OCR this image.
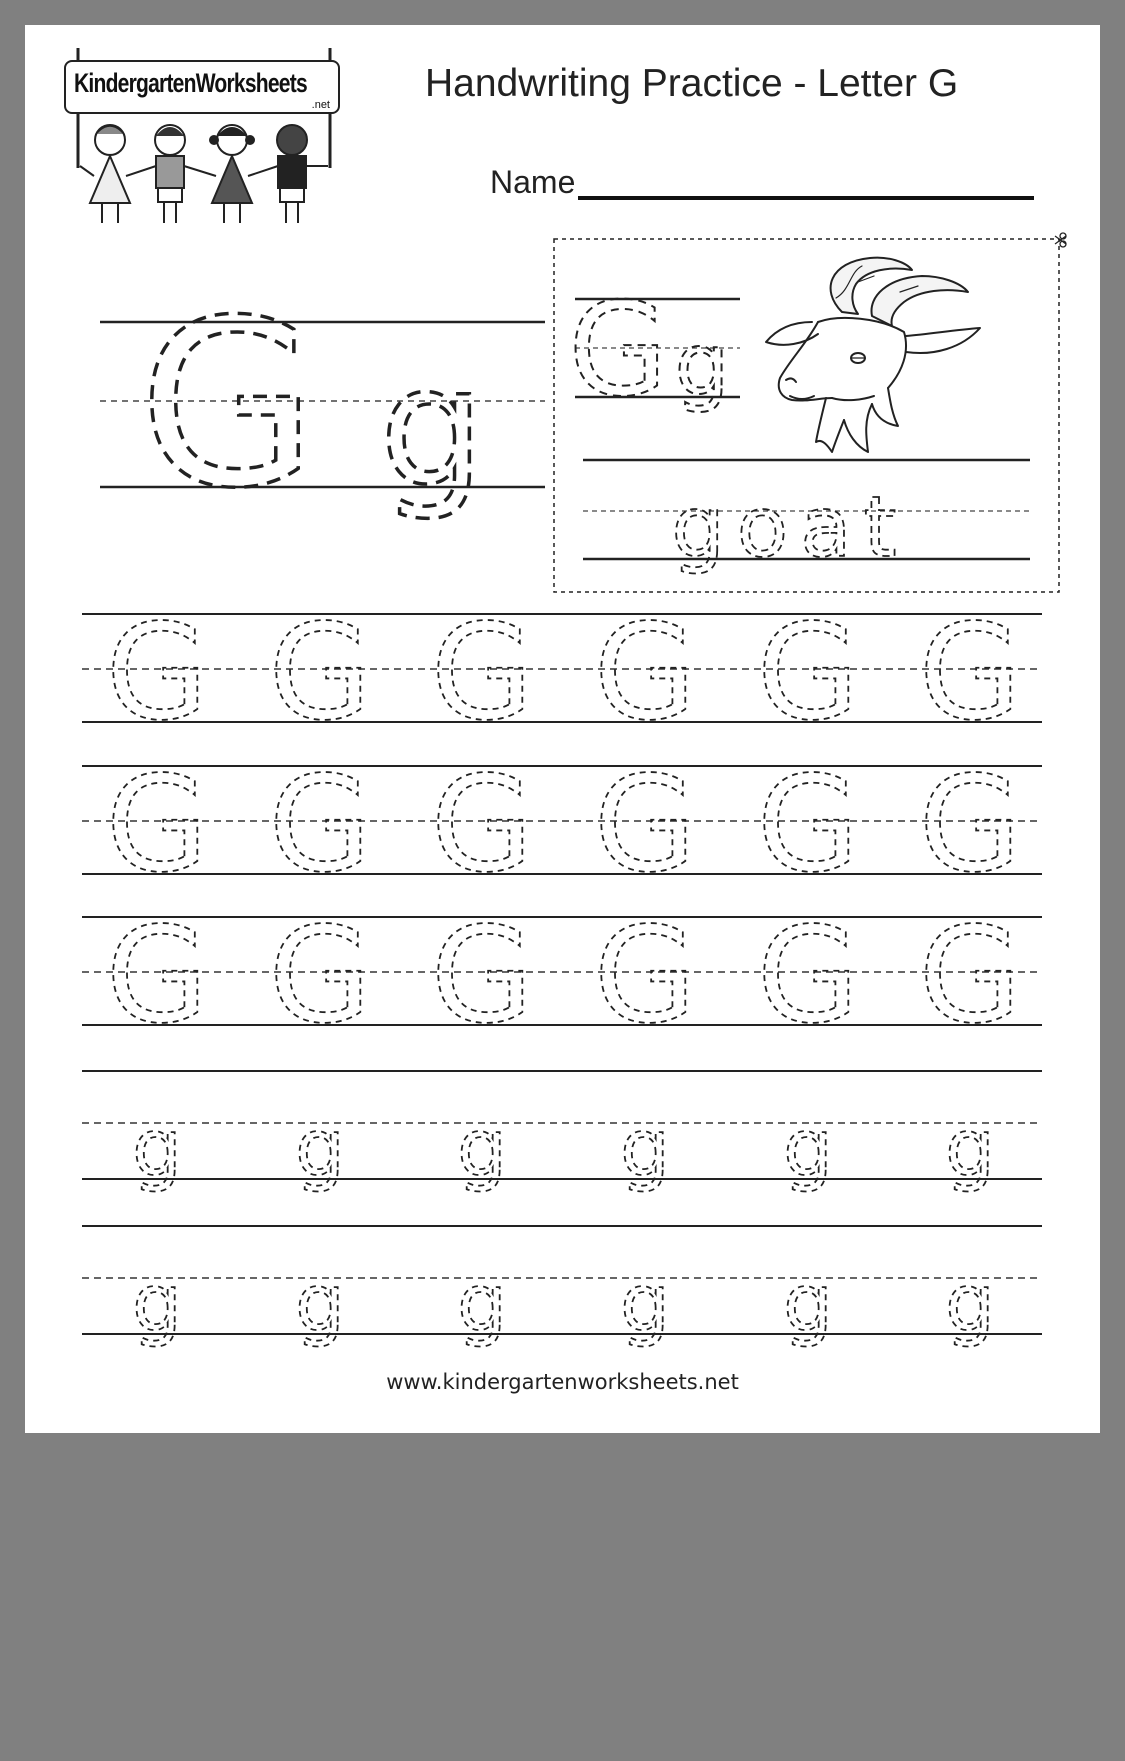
KindergartenWorksheets
.net Handwriting Practice - Letter G
Name
G g G g
goat
G G G G G G
G G G G G G
G G G G G G
g g g g g g
g g g g g g
www.kindergartenworksheets.net
